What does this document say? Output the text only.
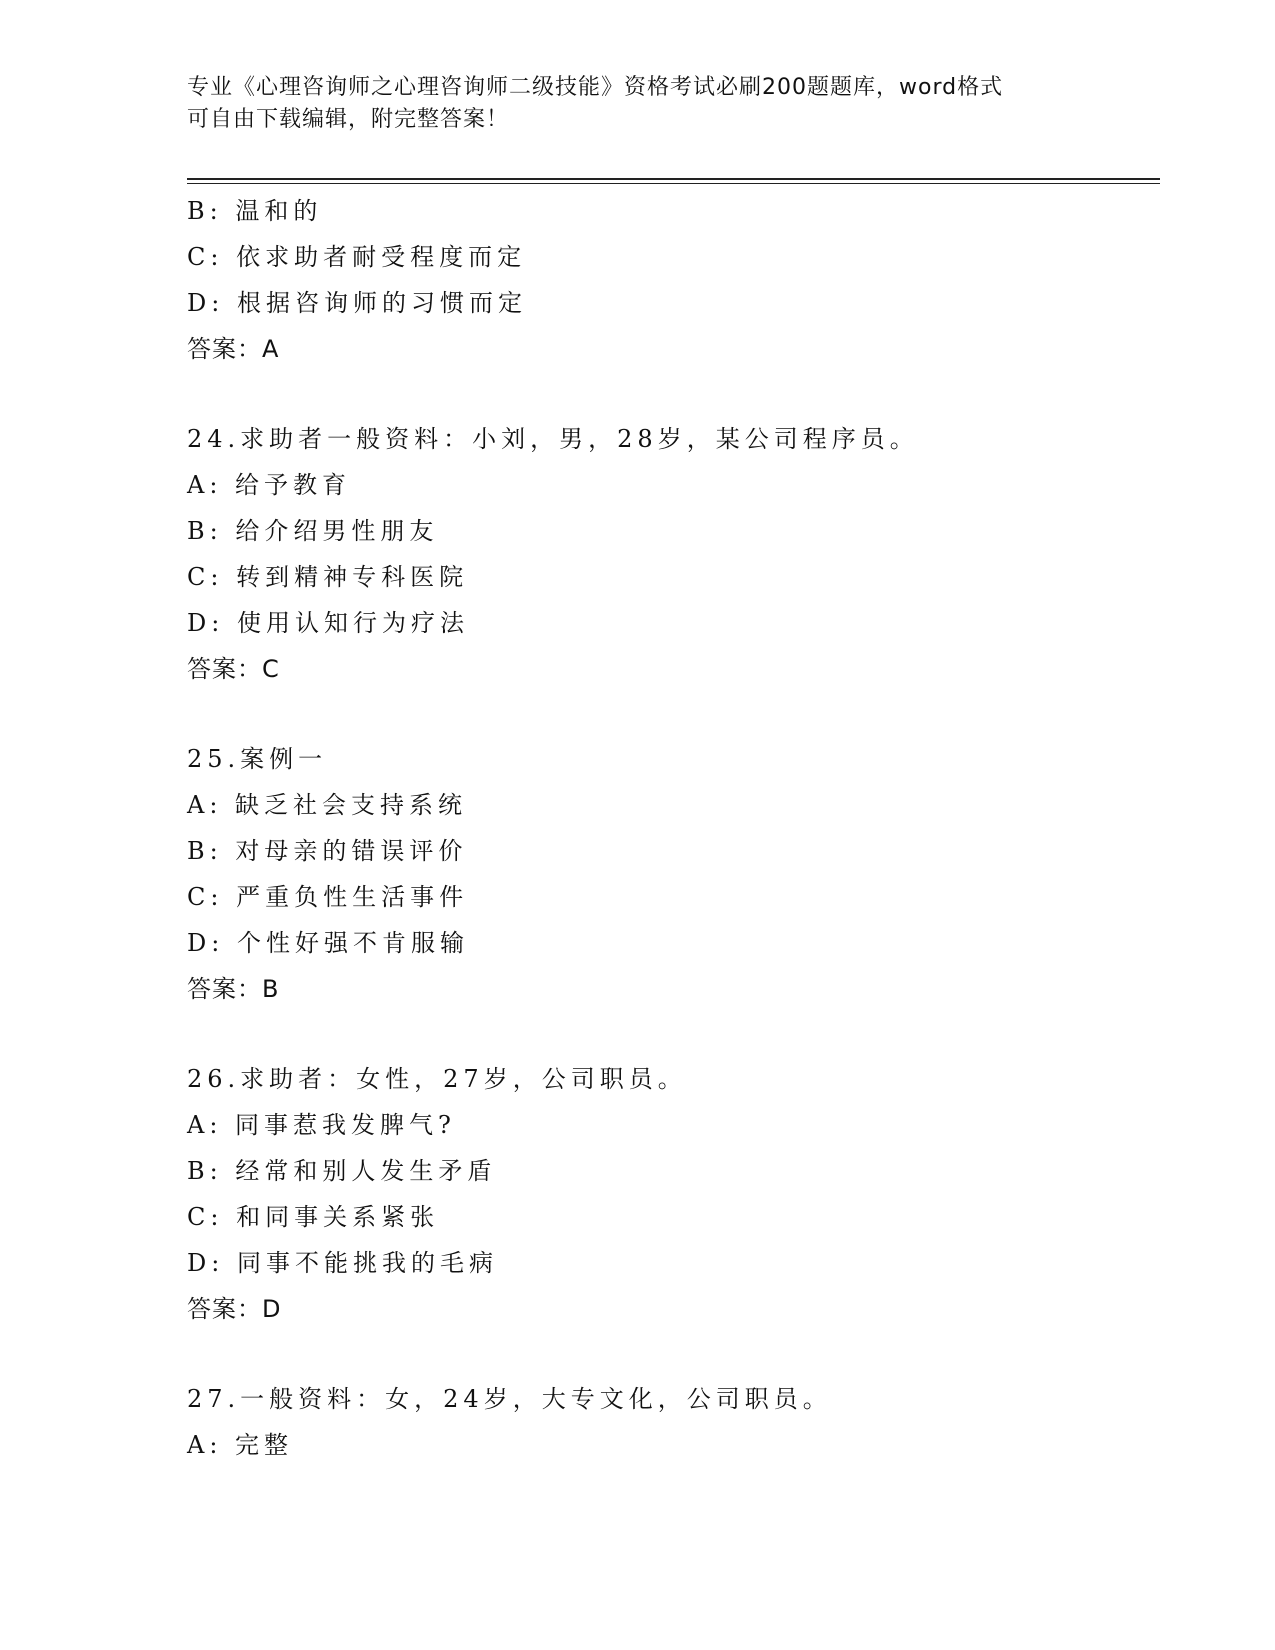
专业《心理咨询师之心理咨询师二级技能》资格考试必刷200题题库，word格式
可自由下载编辑，附完整答案！
B: 温和的
C: 依求助者耐受程度而定
D: 根据咨询师的习惯而定
答案：A
24.求助者一般资料：小刘，男，28岁，某公司程序员。
A: 给予教育
B: 给介绍男性朋友
C: 转到精神专科医院
D: 使用认知行为疗法
答案：C
25.案例一
A: 缺乏社会支持系统
B: 对母亲的错误评价
C: 严重负性生活事件
D: 个性好强不肯服输
答案：B
26.求助者：女性，27岁，公司职员。
A: 同事惹我发脾气?
B: 经常和别人发生矛盾
C: 和同事关系紧张
D: 同事不能挑我的毛病
答案：D
27.一般资料：女，24岁，大专文化，公司职员。
A: 完整
